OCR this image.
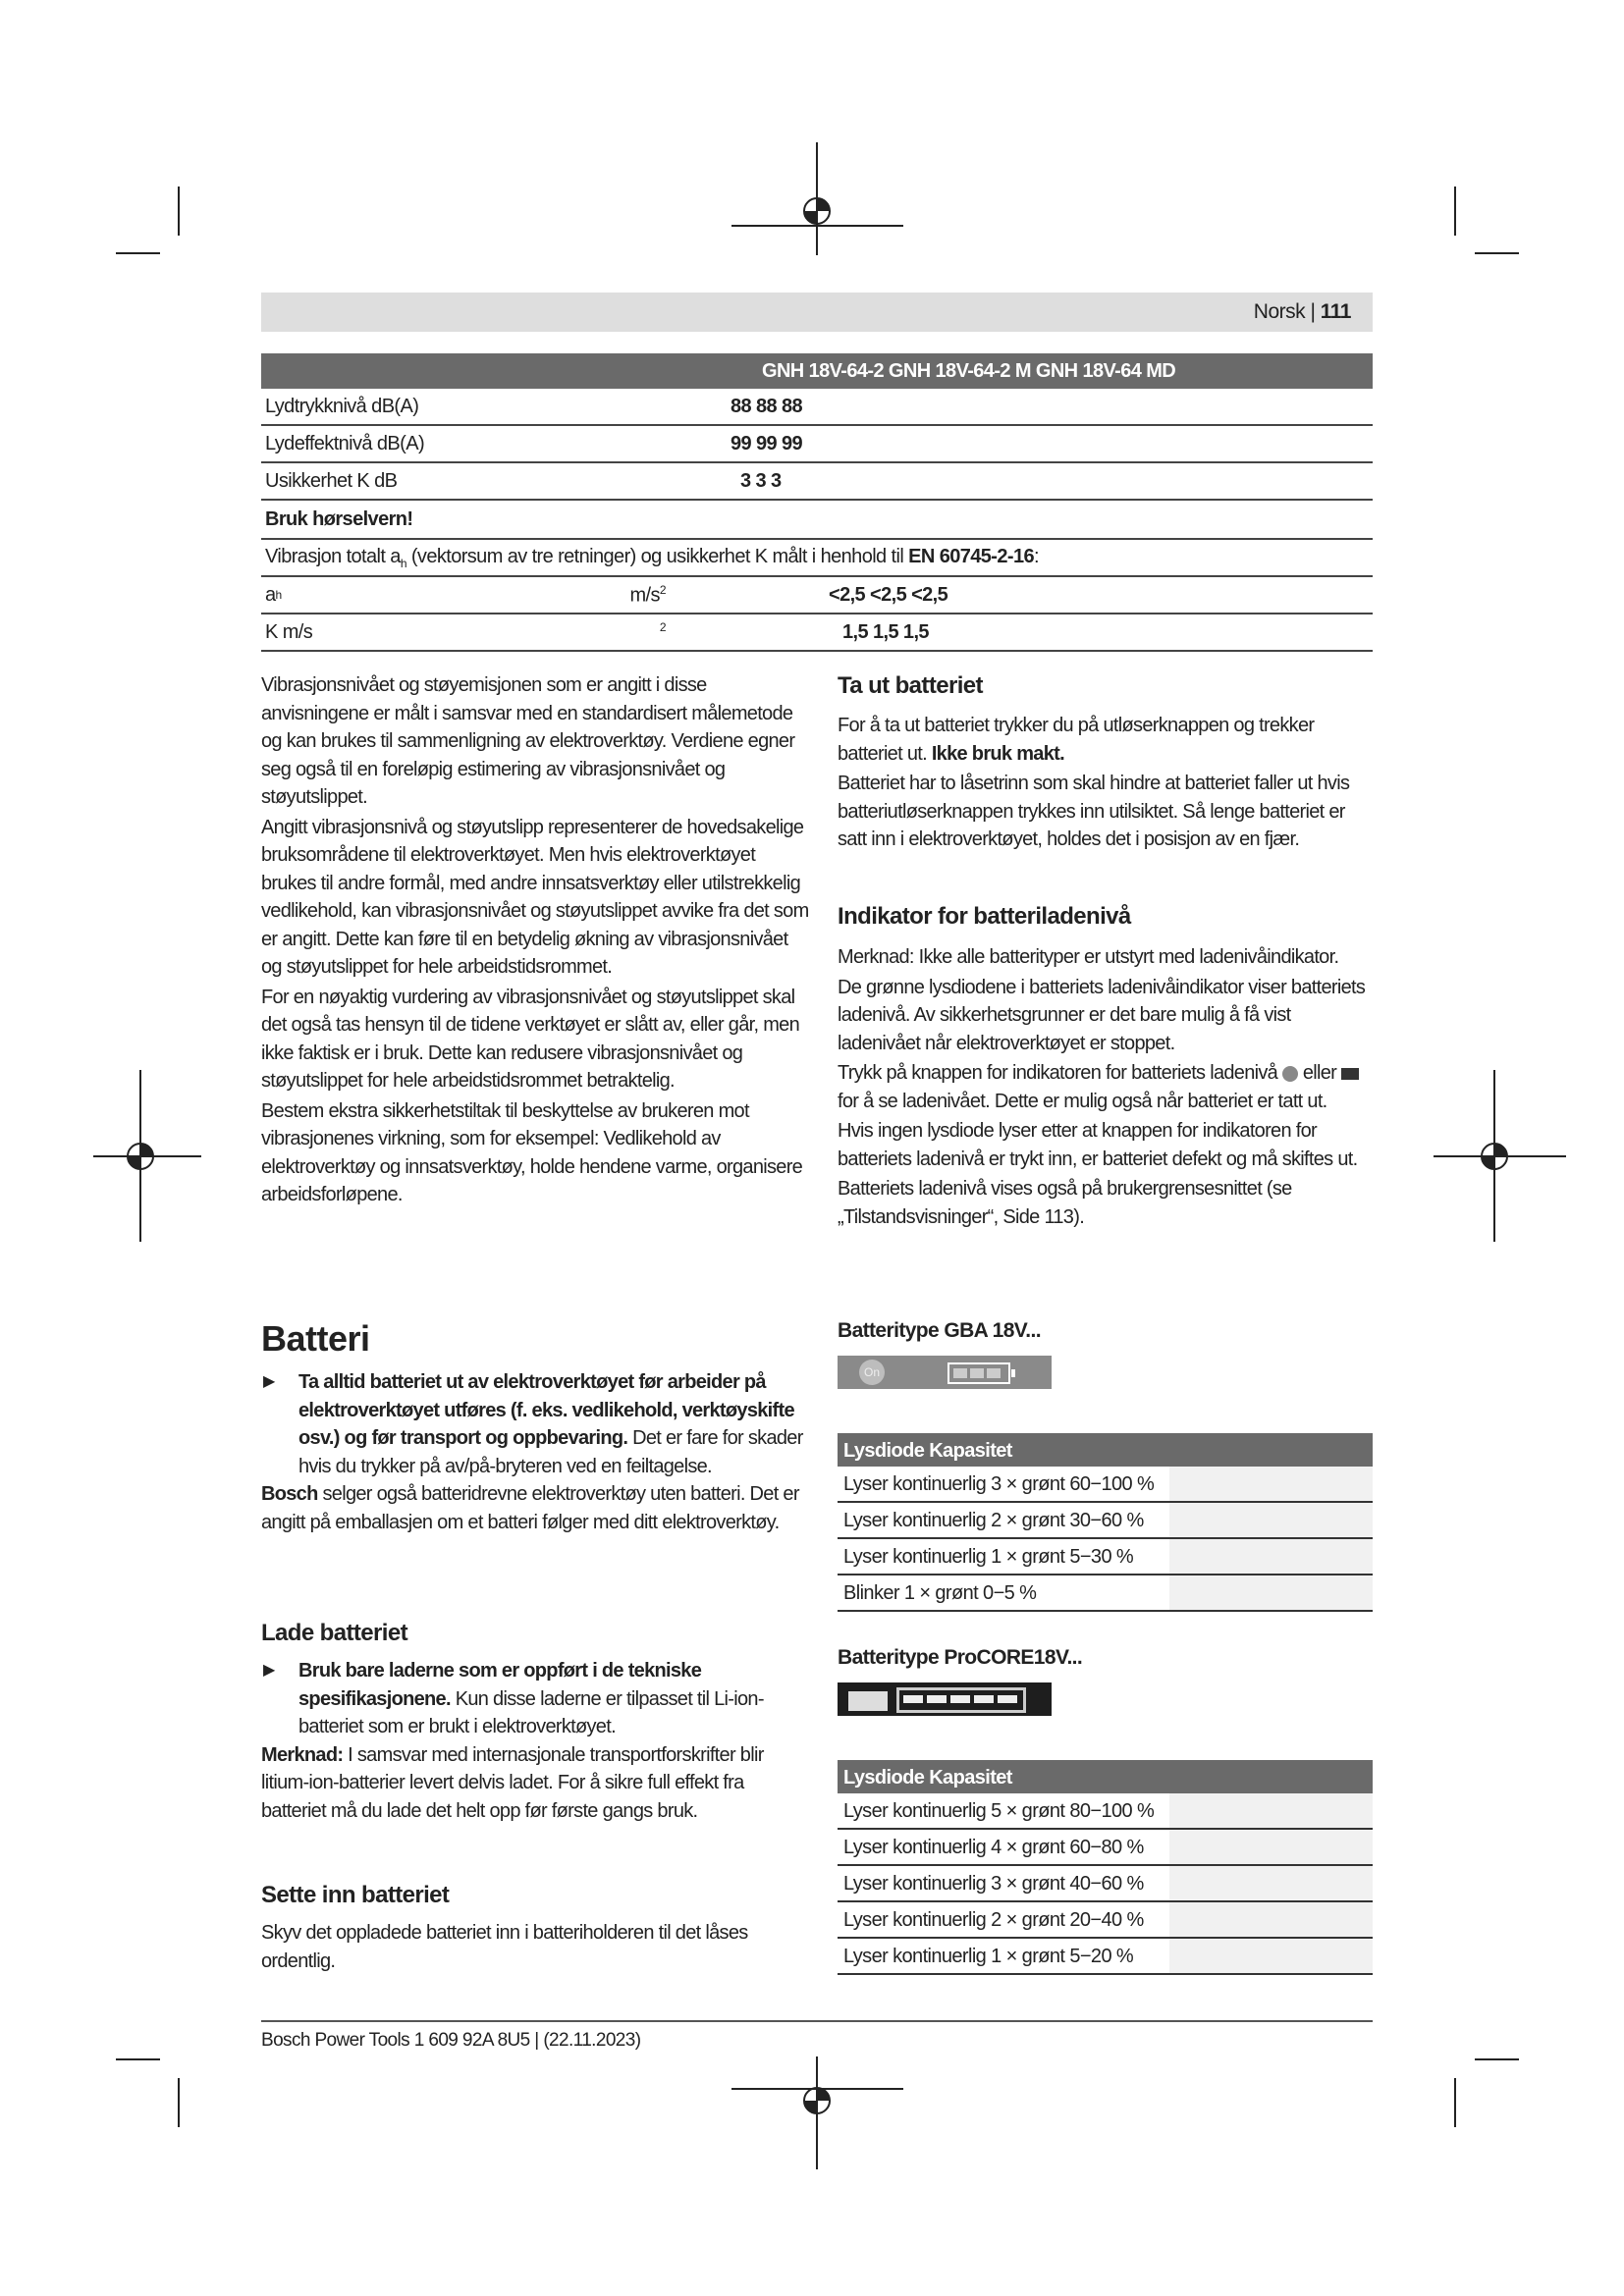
Norsk | 111
GNH 18V-64-2 GNH 18V-64-2 M GNH 18V-64 MD
Lydtrykknivå dB(A)	88 88 88
Lydeffektnivå dB(A)	99 99 99
Usikkerhet K dB	3 3 3
Bruk hørselvern!
Vibrasjon totalt $a_h$ (vektorsum av tre retninger) og usikkerhet K målt i henhold til EN 60745-2-16:
a h	$m/s^2$	<2,5 <2,5 <2,5
K m/s	$^2$	1,5 1,5 1,5

Vibrasjonsnivået og støyemisjonen som er angitt i disse anvisningene er målt i samsvar med en standardisert målemetode og kan brukes til sammenligning av elektroverktøy. Verdiene egner seg også til en foreløpig estimering av vibrasjonsnivået og støyutslippet.

Angitt vibrasjonsnivå og støyutslipp representerer de hovedsakelige bruksområdene til elektroverktøyet. Men hvis elektroverktøyet brukes til andre formål, med andre innsatsverktøy eller utilstrekkelig vedlikehold, kan vibrasjonsnivået og støyutslippet avvike fra det som er angitt. Dette kan føre til en betydelig økning av vibrasjonsnivået og støyutslippet for hele arbeidstidsrommet.

For en nøyaktig vurdering av vibrasjonsnivået og støyutslippet skal det også tas hensyn til de tidene verktøyet er slått av, eller går, men ikke faktisk er i bruk. Dette kan redusere vibrasjonsnivået og støyutslippet for hele arbeidstidsrommet betraktelig.

Bestem ekstra sikkerhetstiltak til beskyttelse av brukeren mot vibrasjonenes virkning, som for eksempel: Vedlikehold av elektroverktøy og innsatsverktøy, holde hendene varme, organisere arbeidsforløpene.

Batteri
▶	Ta alltid batteriet ut av elektroverktøyet før arbeider på elektroverktøyet utføres (f. eks. vedlikehold, verktøyskifte osv.) og før transport og oppbevaring. Det er fare for skader hvis du trykker på av/på-bryteren ved en feiltagelse.

Bosch selger også batteridrevne elektroverktøy uten batteri. Det er angitt på emballasjen om et batteri følger med ditt elektroverktøy.

Lade batteriet
▶	Bruk bare laderne som er oppført i de tekniske spesifikasjonene. Kun disse laderne er tilpasset til Li-ion-batteriet som er brukt i elektroverktøyet.

Merknad: I samsvar med internasjonale transportforskrifter blir litium-ion-batterier levert delvis ladet. For å sikre full effekt fra batteriet må du lade det helt opp før første gangs bruk.

Sette inn batteriet
Skyv det oppladede batteriet inn i batteriholderen til det låses ordentlig.
Ta ut batteriet

For å ta ut batteriet trykker du på utløserknappen og trekker batteriet ut. Ikke bruk makt.

Batteriet har to låsetrinn som skal hindre at batteriet faller ut hvis batteriutløserknappen trykkes inn utilsiktet. Så lenge batteriet er satt inn i elektroverktøyet, holdes det i posisjon av en fjær.

Indikator for batteriladenivå

Merknad: Ikke alle batterityper er utstyrt med ladenivåindikator.

De grønne lysdiodene i batteriets ladenivåindikator viser batteriets ladenivå. Av sikkerhetsgrunner er det bare mulig å få vist ladenivået når elektroverktøyet er stoppet.

Trykk på knappen for indikatoren for batteriets ladenivå eller  for å se ladenivået. Dette er mulig også når batteriet er tatt ut.

Hvis ingen lysdiode lyser etter at knappen for indikatoren for batteriets ladenivå er trykt inn, er batteriet defekt og må skiftes ut.

Batteriets ladenivå vises også på brukergrensesnittet (se „Tilstandsvisninger“, Side 113).

Batteritype GBA 18V...
On
Lysdiode Kapasitet
Lyser kontinuerlig 3 × grønt 60−100 %
Lyser kontinuerlig 2 × grønt 30−60 %
Lyser kontinuerlig 1 × grønt 5−30 %
Blinker 1 × grønt 0−5 %
Batteritype ProCORE18V...
Lysdiode Kapasitet
Lyser kontinuerlig 5 × grønt 80−100 %
Lyser kontinuerlig 4 × grønt 60−80 %
Lyser kontinuerlig 3 × grønt 40−60 %
Lyser kontinuerlig 2 × grønt 20−40 %
Lyser kontinuerlig 1 × grønt 5−20 %
Bosch Power Tools 1 609 92A 8U5 | (22.11.2023)
